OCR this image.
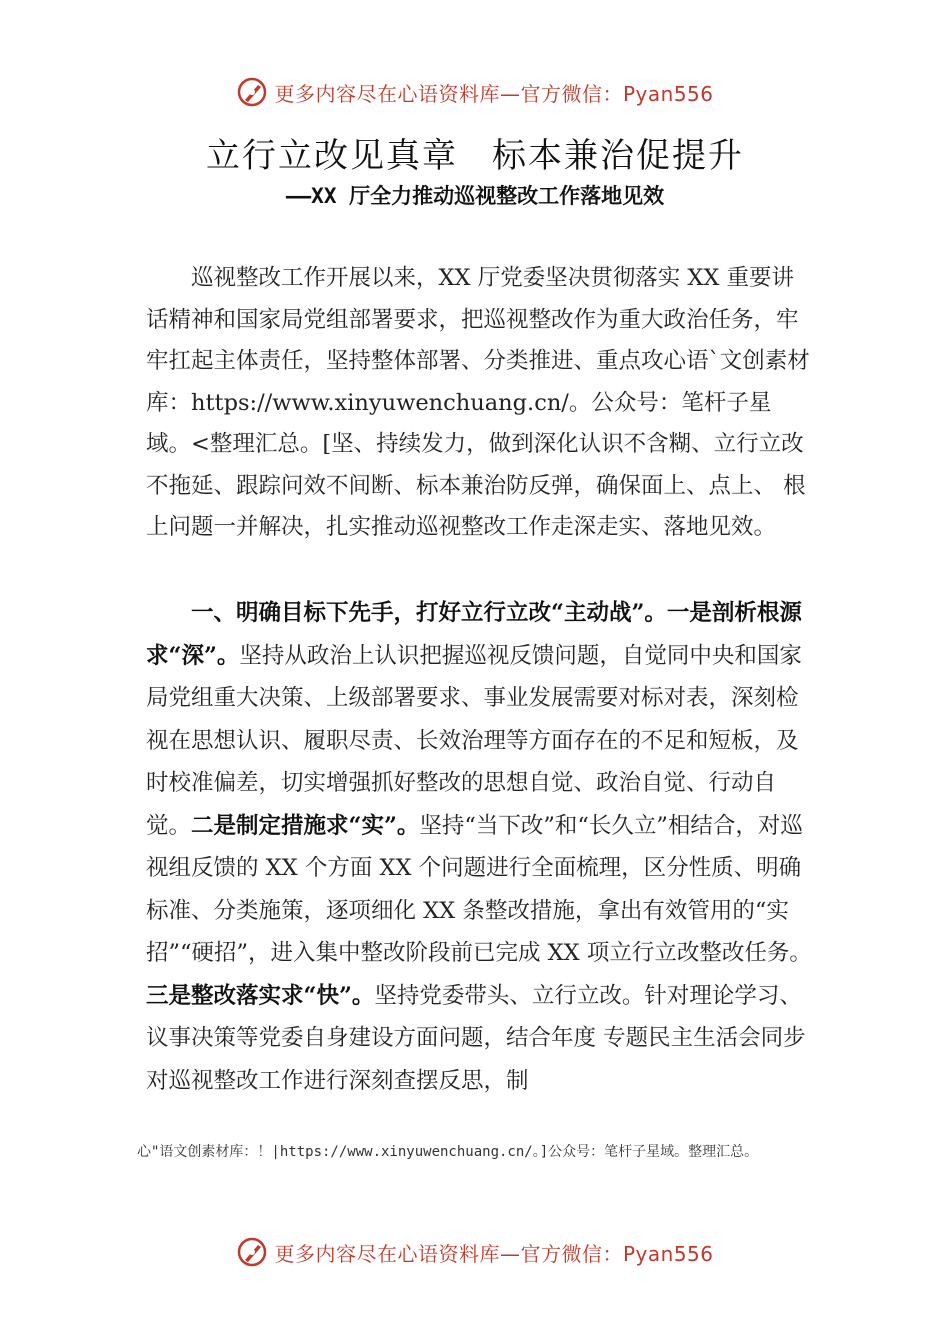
更多内容尽在心语资料库—官方微信：Pyan556
立行立改见真章 标本兼治促提升
——XX 厅全力推动巡视整改工作落地见效

巡视整改工作开展以来，XX 厅党委坚决贯彻落实 XX 重要讲话精神和国家局党组部署要求，把巡视整改作为重大政治任务，牢牢扛起主体责任，坚持整体部署、分类推进、重点攻心语`文创素材库：https://www.xinyuwenchuang.cn/。公众号：笔杆子星域。<整理汇总。[坚、持续发力，做到深化认识不含糊、立行立改不拖延、跟踪问效不间断、标本兼治防反弹，确保面上、点上、 根上问题一并解决，扎实推动巡视整改工作走深走实、落地见效。

一、明确目标下先手，打好立行立改“主动战”。一是剖析根源求“深”。坚持从政治上认识把握巡视反馈问题，自觉同中央和国家局党组重大决策、上级部署要求、事业发展需要对标对表，深刻检视在思想认识、履职尽责、长效治理等方面存在的不足和短板，及时校准偏差，切实增强抓好整改的思想自觉、政治自觉、行动自觉。二是制定措施求“实”。坚持“当下改”和“长久立”相结合，对巡视组反馈的 XX 个方面 XX 个问题进行全面梳理，区分性质、明确标准、分类施策，逐项细化 XX 条整改措施，拿出有效管用的“实招”“硬招”，进入集中整改阶段前已完成 XX 项立行立改整改任务。三是整改落实求“快”。坚持党委带头、立行立改。针对理论学习、议事决策等党委自身建设方面问题，结合年度 专题民主生活会同步对巡视整改工作进行深刻查摆反思，制

心"语文创素材库：！|https://www.xinyuwenchuang.cn/。]公众号：笔杆子星域。整理汇总。
更多内容尽在心语资料库—官方微信：Pyan556
